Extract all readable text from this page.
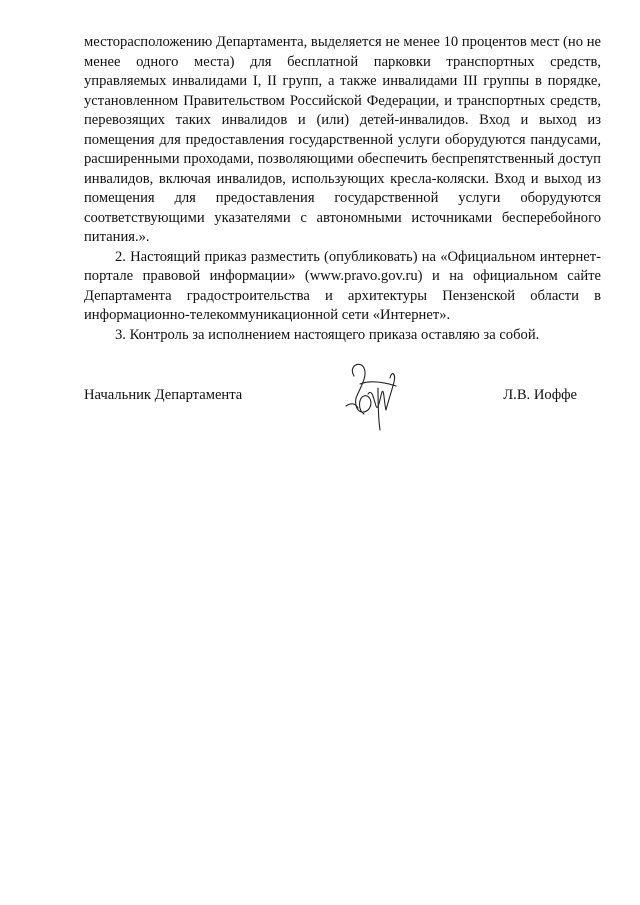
месторасположению Департамента, выделяется не менее 10 процентов мест (но не менее одного места) для бесплатной парковки транспортных средств, управляемых инвалидами I, II групп, а также инвалидами III группы в порядке, установленном Правительством Российской Федерации, и транспортных средств, перевозящих таких инвалидов и (или) детей-инвалидов. Вход и выход из помещения для предоставления государственной услуги оборудуются пандусами, расширенными проходами, позволяющими обеспечить беспрепятственный доступ инвалидов, включая инвалидов, использующих кресла-коляски. Вход и выход из помещения для предоставления государственной услуги оборудуются соответствующими указателями с автономными источниками бесперебойного питания.».

2. Настоящий приказ разместить (опубликовать) на «Официальном интернет-портале правовой информации» (www.pravo.gov.ru) и на официальном сайте Департамента градостроительства и архитектуры Пензенской области в информационно-телекоммуникационной сети «Интернет».

3. Контроль за исполнением настоящего приказа оставляю за собой.

Начальник Департамента	Л.В. Иоффе
